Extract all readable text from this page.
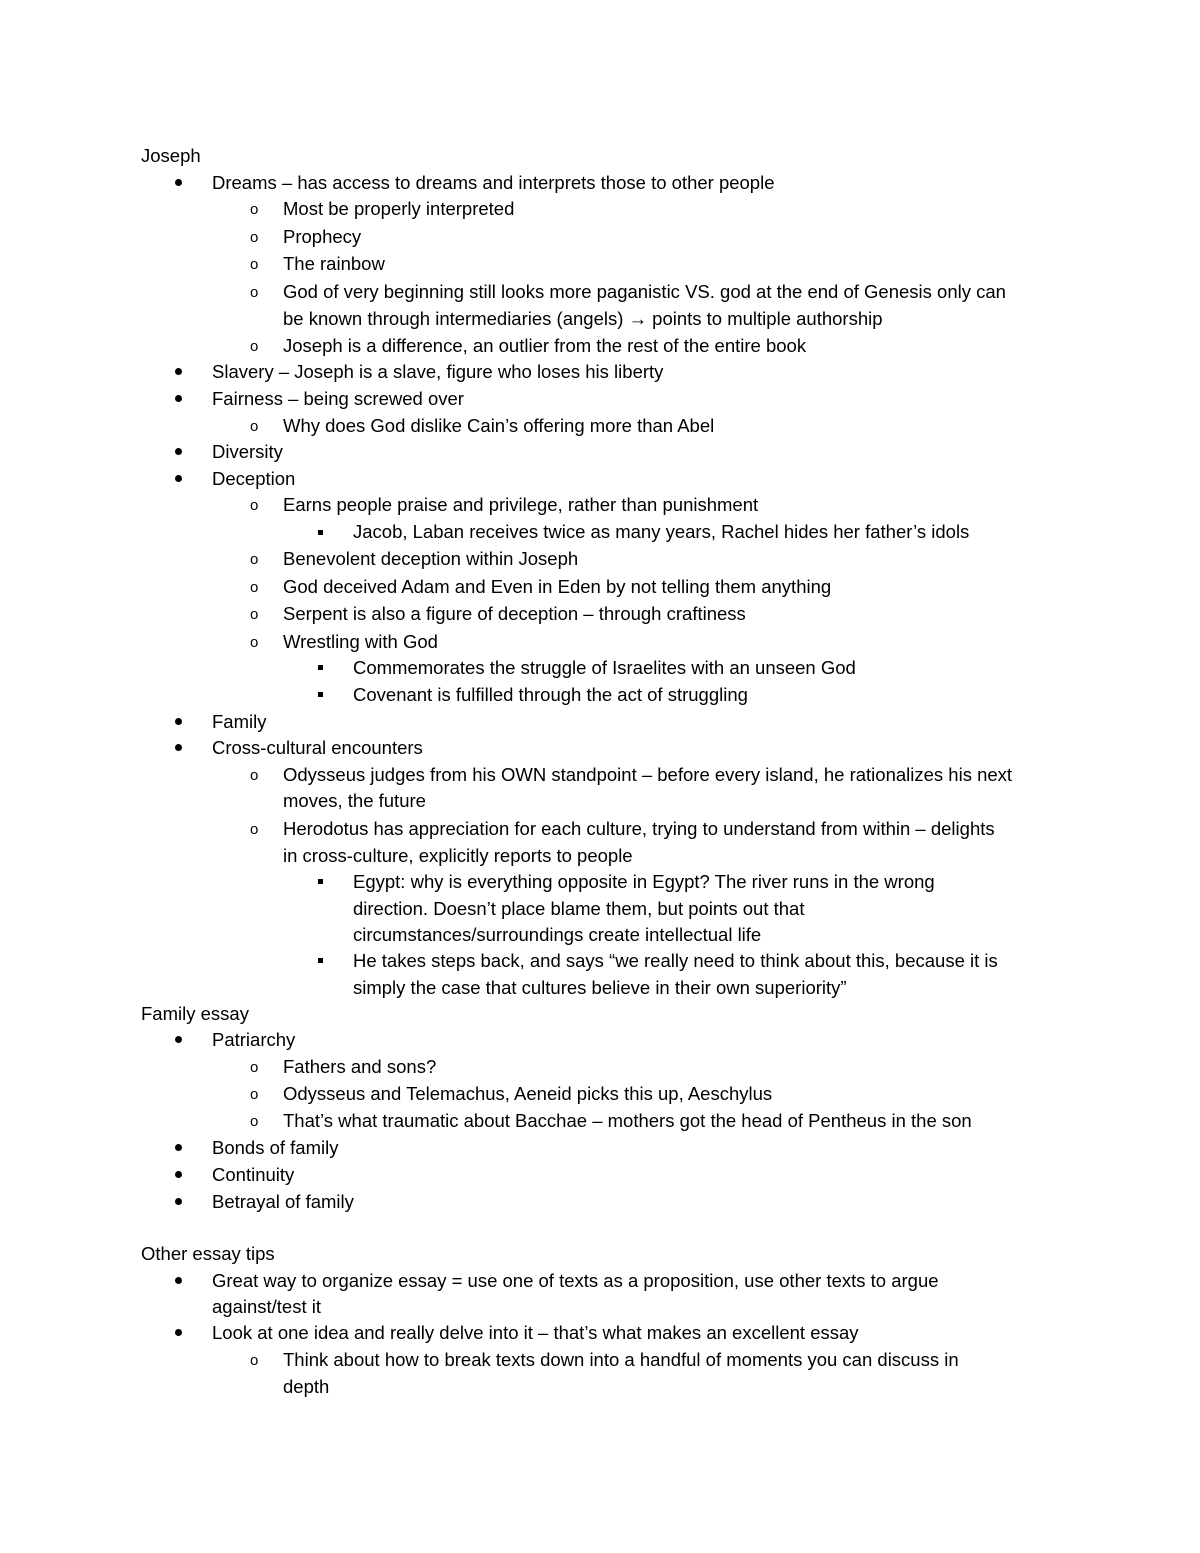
Joseph
Dreams – has access to dreams and interprets those to other people
o Most be properly interpreted
o Prophecy
o The rainbow
o God of very beginning still looks more paganistic VS. god at the end of Genesis only can
be known through intermediaries (angels) → points to multiple authorship
o Joseph is a difference, an outlier from the rest of the entire book
Slavery – Joseph is a slave, figure who loses his liberty
Fairness – being screwed over
o Why does God dislike Cain’s offering more than Abel
Diversity
Deception
o Earns people praise and privilege, rather than punishment
Jacob, Laban receives twice as many years, Rachel hides her father’s idols
o Benevolent deception within Joseph
o God deceived Adam and Even in Eden by not telling them anything
o Serpent is also a figure of deception – through craftiness
o Wrestling with God
Commemorates the struggle of Israelites with an unseen God
Covenant is fulfilled through the act of struggling
Family
Cross-cultural encounters
o Odysseus judges from his OWN standpoint – before every island, he rationalizes his next
moves, the future
o Herodotus has appreciation for each culture, trying to understand from within – delights
in cross-culture, explicitly reports to people
Egypt: why is everything opposite in Egypt? The river runs in the wrong
direction. Doesn’t place blame them, but points out that
circumstances/surroundings create intellectual life
He takes steps back, and says “we really need to think about this, because it is
simply the case that cultures believe in their own superiority”
Family essay
Patriarchy
o Fathers and sons?
o Odysseus and Telemachus, Aeneid picks this up, Aeschylus
o That’s what traumatic about Bacchae – mothers got the head of Pentheus in the son
Bonds of family
Continuity
Betrayal of family
Other essay tips
Great way to organize essay = use one of texts as a proposition, use other texts to argue
against/test it
Look at one idea and really delve into it – that’s what makes an excellent essay
o Think about how to break texts down into a handful of moments you can discuss in
depth
